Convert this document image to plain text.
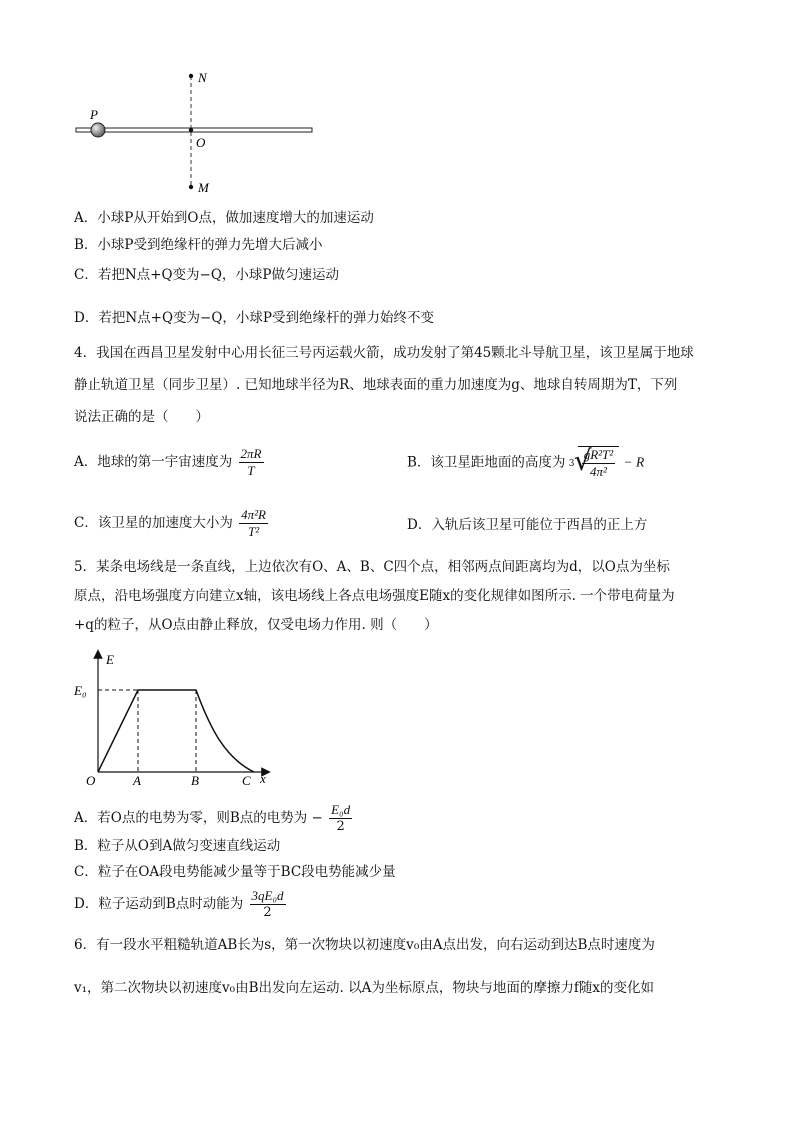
N
O
M
P
A．小球P从开始到O点，做加速度增大的加速运动
B．小球P受到绝缘杆的弹力先增大后减小
C．若把N点+Q变为−Q，小球P做匀速运动
D．若把N点+Q变为−Q，小球P受到绝缘杆的弹力始终不变
4．我国在西昌卫星发射中心用长征三号丙运载火箭，成功发射了第45颗北斗导航卫星，该卫星属于地球
静止轨道卫星（同步卫星）. 已知地球半径为R、地球表面的重力加速度为g、地球自转周期为T，下列
说法正确的是（　　）
A．地球的第一宇宙速度为 $\frac{2\pi R}{T}$	B．该卫星距地面的高度为 3 √
$\frac{\text{gR²T²}}{\text{4π²}} - R$
C．该卫星的加速度大小为 $\frac{\text{4π²R}}{\text{T²}}$	D．入轨后该卫星可能位于西昌的正上方
5．某条电场线是一条直线，上边依次有O、A、B、C四个点，相邻两点间距离均为d，以O点为坐标
原点，沿电场强度方向建立x轴，该电场线上各点电场强度E随x的变化规律如图所示. 一个带电荷量为
+q的粒子，从O点由静止释放，仅受电场力作用. 则（　　）
E
x
E₀
O	A	B	C
A．若O点的电势为零，则B点的电势为 − $\frac{\text{E₀d}}{2}$
B．粒子从O到A做匀变速直线运动
C．粒子在OA段电势能减少量等于BC段电势能减少量
D．粒子运动到B点时动能为 $\frac{\text{3qE₀d}}{2}$
6．有一段水平粗糙轨道AB长为s，第一次物块以初速度v₀由A点出发，向右运动到达B点时速度为
v₁，第二次物块以初速度v₀由B出发向左运动. 以A为坐标原点，物块与地面的摩擦力f随x的变化如
